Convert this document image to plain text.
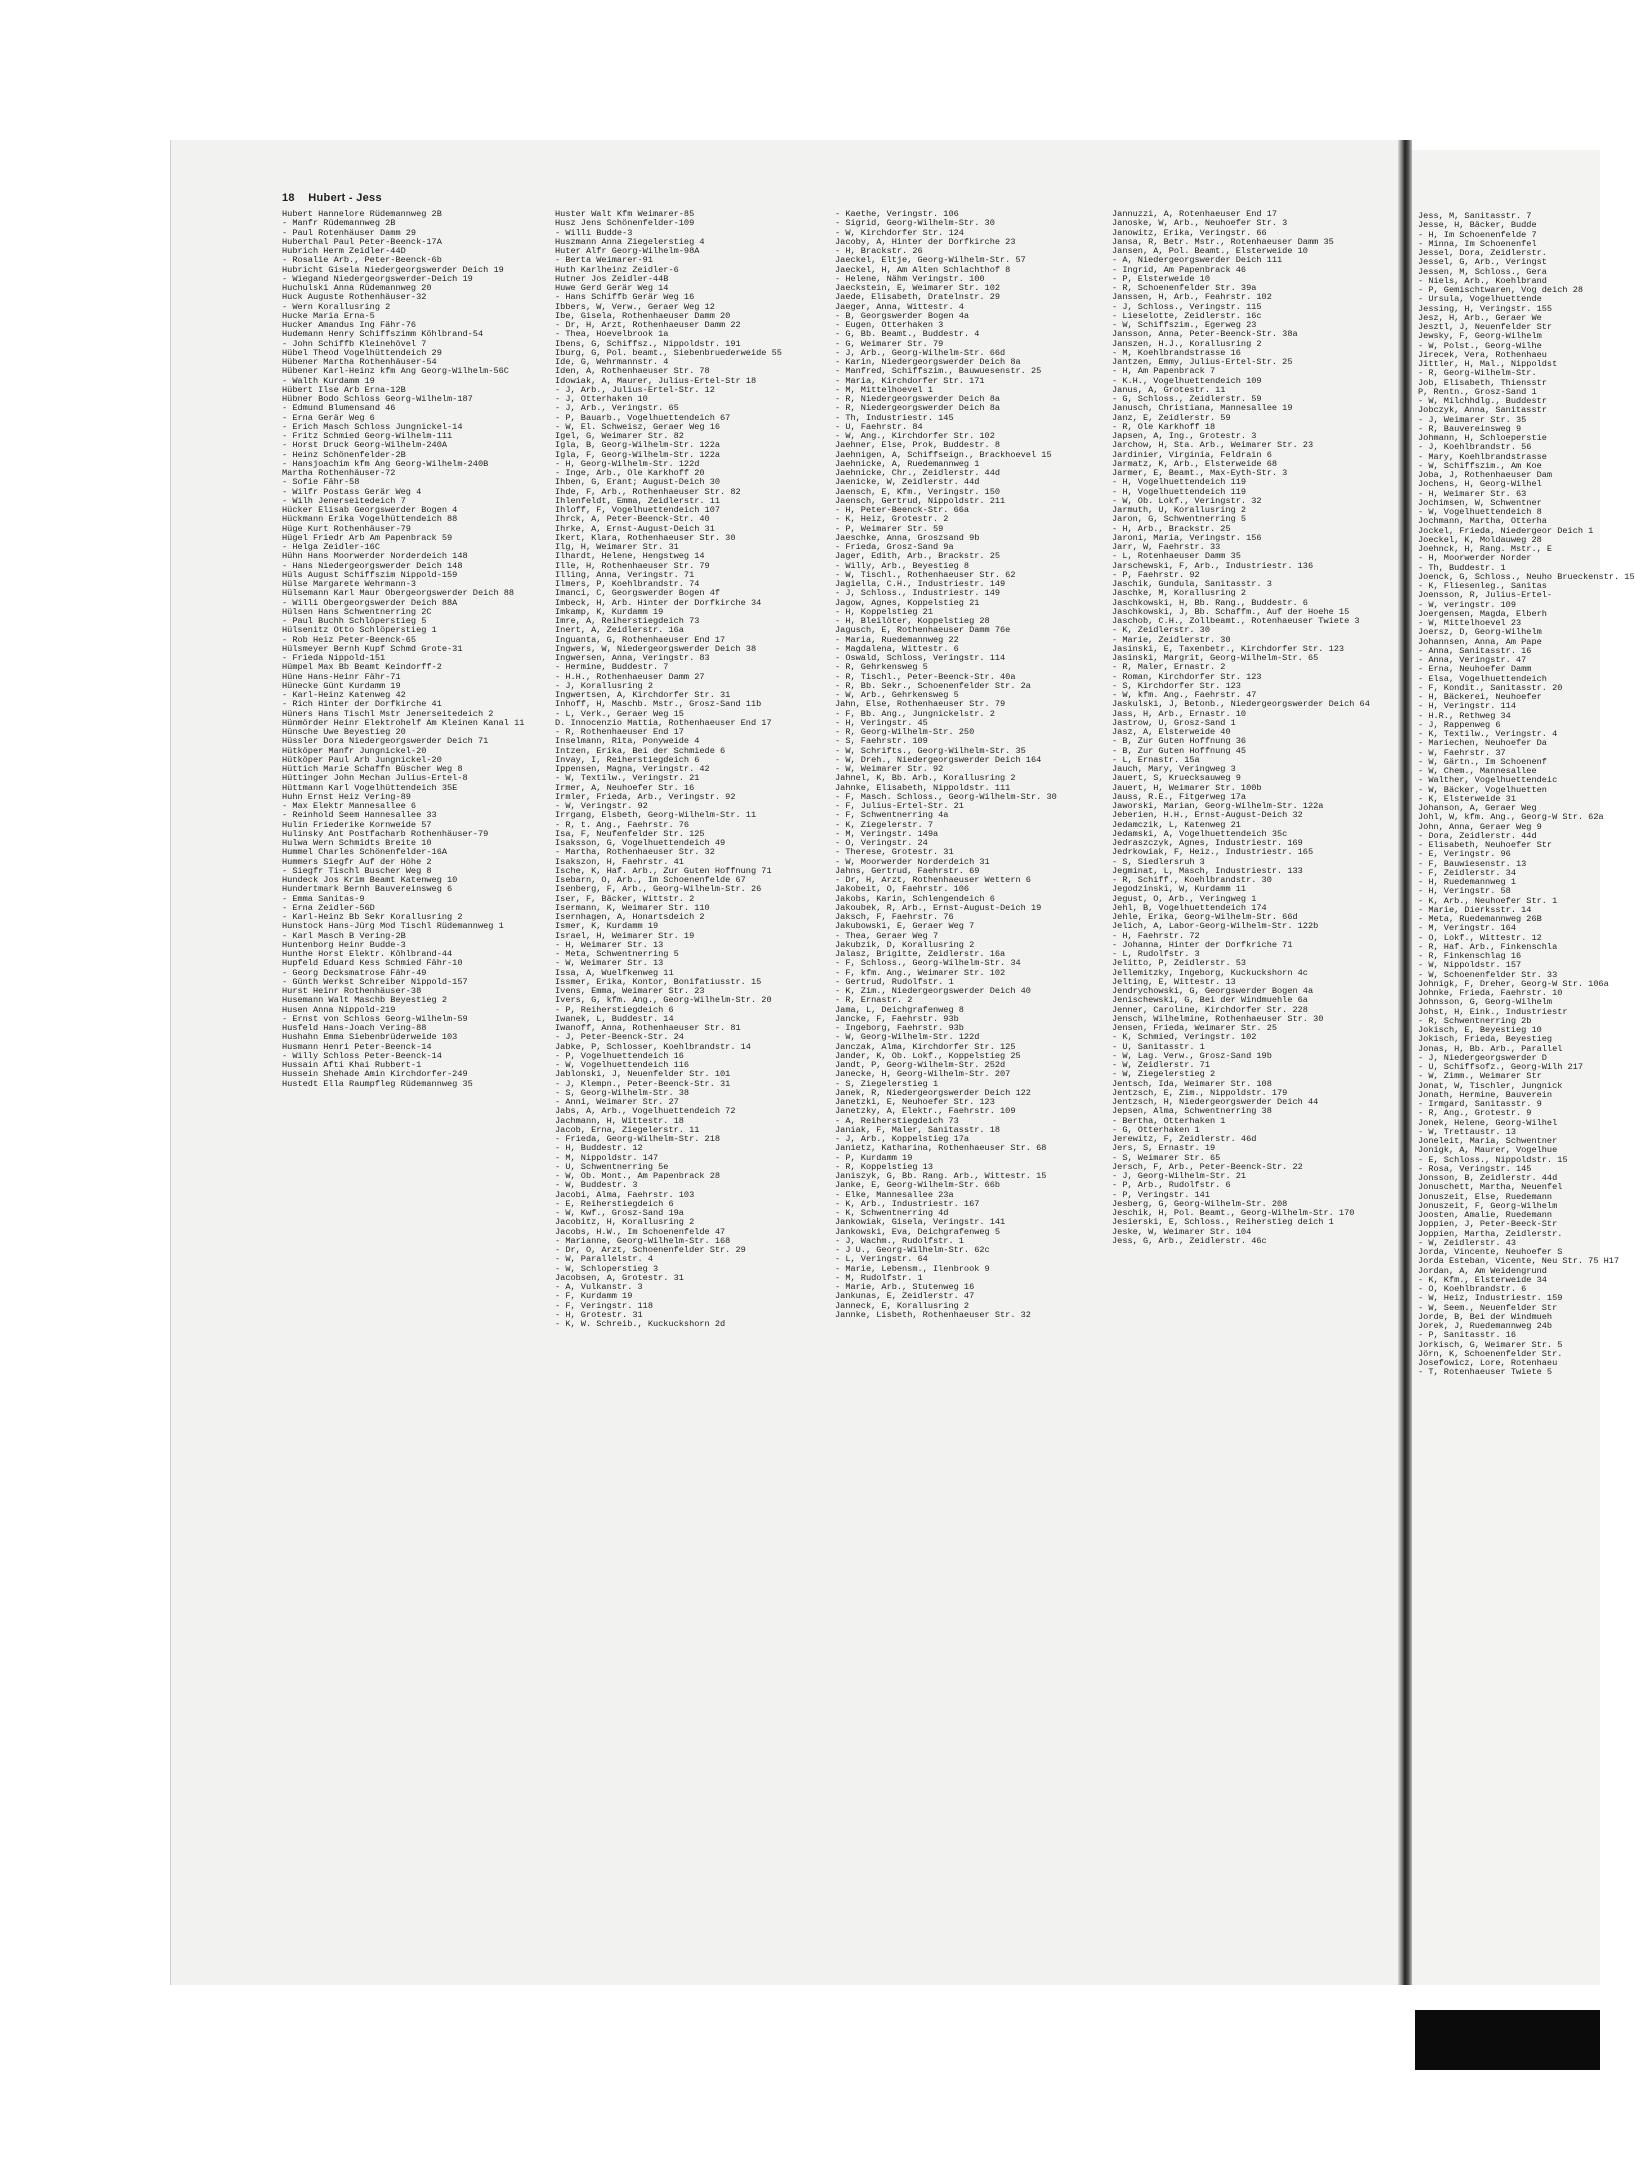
18 Hubert - Jess
Hubert Hannelore Rüdemannweg 2B
- Manfr Rüdemannweg 2B
- Paul Rotenhäuser Damm 29
Huberthal Paul Peter-Beenck-17A
Hubrich Herm Zeidler-44D
- Rosalie Arb., Peter-Beenck-6b
Hubricht Gisela Niedergeorgswerder Deich 19
- Wiegand Niedergeorgswerder-Deich 19
Huchulski Anna Rüdemannweg 20
Huck Auguste Rothenhäuser-32
- Wern Korallusring 2
Hucke Maria Erna-5
Hucker Amandus Ing Fähr-76
Hudemann Henry Schiffszimm Köhlbrand-54
- John Schiffb Kleinehövel 7
Hübel Theod Vogelhüttendeich 29
Hübener Martha Rothenhäuser-54
Hübener Karl-Heinz kfm Ang Georg-Wilhelm-56C
- Walth Kurdamm 19
Hübert Ilse Arb Erna-12B
Hübner Bodo Schloss Georg-Wilhelm-187
- Edmund Blumensand 46
- Erna Gerär Weg 6
- Erich Masch Schloss Jungnickel-14
- Fritz Schmied Georg-Wilhelm-111
- Horst Druck Georg-Wilhelm-240A
- Heinz Schönenfelder-2B
- Hansjoachim kfm Ang Georg-Wilhelm-240B
Martha Rothenhäuser-72
- Sofie Fähr-58
- Wilfr Postass Gerär Weg 4
- Wilh Jenerseitedeich 7
Hücker Elisab Georgswerder Bogen 4
Hückmann Erika Vogelhüttendeich 88
Hüge Kurt Rothenhäuser-79
Hügel Friedr Arb Am Papenbrack 59
- Helga Zeidler-16C
Hühn Hans Moorwerder Norderdeich 148
- Hans Niedergeorgswerder Deich 148
Hüls August Schiffszim Nippold-159
Hülse Margarete Wehrmann-3
Hülsemann Karl Maur Obergeorgswerder Deich 88
- Willi Obergeorgswerder Deich 88A
Hülsen Hans Schwentnerring 2C
- Paul Buchh Schlöperstieg 5
Hülsenitz Otto Schlöperstieg 1
- Rob Heiz Peter-Beenck-65
Hülsmeyer Bernh Kupf Schmd Grote-31
- Frieda Nippold-151
Hümpel Max Bb Beamt Keindorff-2
Hüne Hans-Heinr Fähr-71
Hünecke Günt Kurdamm 19
- Karl-Heinz Katenweg 42
- Rich Hinter der Dorfkirche 41
Hüners Hans Tischl Mstr Jenerseitedeich 2
Hünmörder Heinr Elektrohelf Am Kleinen Kanal 11
Hünsche Uwe Beyestieg 20
Hüssler Dora Niedergeorgswerder Deich 71
Hütköper Manfr Jungnickel-20
Hütköper Paul Arb Jungnickel-20
Hüttich Marie Schaffn Büscher Weg 8
Hüttinger John Mechan Julius-Ertel-8
Hüttmann Karl Vogelhüttendeich 35E
Huhn Ernst Heiz Vering-89
- Max Elektr Mannesallee 6
- Reinhold Seem Hannesallee 33
Hulin Friederike Kornweide 57
Hulinsky Ant Postfacharb Rothenhäuser-79
Hulwa Wern Schmidts Breite 10
Hummel Charles Schönenfelder-16A
Hummers Siegfr Auf der Höhe 2
- Siegfr Tischl Buscher Weg 8
Hundeck Jos Krim Beamt Katenweg 10
Hundertmark Bernh Bauvereinsweg 6
- Emma Sanitas-9
- Erna Zeidler-56D
- Karl-Heinz Bb Sekr Korallusring 2
Hunstock Hans-Jürg Mod Tischl Rüdemannweg 1
- Karl Masch B Vering-2B
Huntenborg Heinr Budde-3
Hunthe Horst Elektr. Köhlbrand-44
Hupfeld Eduard Kess Schmied Fähr-10
- Georg Decksmatrose Fähr-49
- Günth Werkst Schreiber Nippold-157
Hurst Heinr Rothenhäuser-38
Husemann Walt Maschb Beyestieg 2
Husen Anna Nippold-219
- Ernst von Schloss Georg-Wilhelm-59
Husfeld Hans-Joach Vering-88
Hushahn Emma Siebenbrüderweide 103
Husmann Henri Peter-Beenck-14
- Willy Schloss Peter-Beenck-14
Hussain Afti Khai Rubbert-1
Hussein Shehade Amin Kirchdorfer-249
Hustedt Ella Raumpfleg Rüdemannweg 35
Huster Walt Kfm Weimarer-85
Husz Jens Schönenfelder-109
- Willi Budde-3
Huszmann Anna Ziegelerstieg 4
Huter Alfr Georg-Wilhelm-98A
- Berta Weimarer-91
Huth Karlheinz Zeidler-6
Hutner Jos Zeidler-44B
Huwe Gerd Gerär Weg 14
- Hans Schiffb Gerär Weg 16
Ibbers, W, Verw., Geraer Weg 12
Ibe, Gisela, Rothenhaeuser Damm 20
- Dr, H, Arzt, Rothenhaeuser Damm 22
- Thea, Hoevelbrook 1a
Ibens, G, Schiffsz., Nippoldstr. 191
Iburg, G, Pol. beamt., Siebenbruederweide 55
Ide, G, Wehrmannstr. 4
Iden, A, Rothenhaeuser Str. 78
Idowiak, A, Maurer, Julius-Ertel-Str 18
- J, Arb., Julius-Ertel-Str. 12
- J, Otterhaken 10
- J, Arb., Veringstr. 65
- P, Bauarb., Vogelhuettendeich 67
- W, El. Schweisz, Geraer Weg 16
Igel, G, Weimarer Str. 82
Igla, B, Georg-Wilhelm-Str. 122a
Igla, F, Georg-Wilhelm-Str. 122a
- H, Georg-Wilhelm-Str. 122d
- Inge, Arb., Ole Karkhoff 20
Ihben, G, Erant; August-Deich 30
Ihde, F, Arb., Rothenhaeuser Str. 82
Ihlenfeldt, Emma, Zeidlerstr. 11
Ihloff, F, Vogelhuettendeich 107
Ihrck, A, Peter-Beenck-Str. 40
Ihrke, A, Ernst-August-Deich 31
Ikert, Klara, Rothenhaeuser Str. 30
Ilg, H, Weimarer Str. 31
Ilhardt, Helene, Hengstweg 14
Ille, H, Rothenhaeuser Str. 79
Illing, Anna, Veringstr. 71
Ilmers, P, Koehlbrandstr. 74
Imanci, C, Georgswerder Bogen 4f
Imbeck, H, Arb. Hinter der Dorfkirche 34
Imkamp, K, Kurdamm 19
Imre, A, Reiherstiegdeich 73
Inert, A, Zeidlerstr. 16a
Inguanta, G, Rothenhaeuser End 17
Ingwers, W, Niedergeorgswerder Deich 38
Ingwersen, Anna, Veringstr. 83
- Hermine, Buddestr. 7
- H.H., Rothenhaeuser Damm 27
- J, Korallusring 2
Ingwertsen, A, Kirchdorfer Str. 31
Inhoff, H, Maschb. Mstr., Grosz-Sand 11b
- L, Verk., Geraer Weg 15
D. Innocenzio Mattia, Rothenhaeuser End 17
- R, Rothenhaeuser End 17
Inselmann, Rita, Ponyweide 4
Intzen, Erika, Bei der Schmiede 6
Invay, I, Reiherstiegdeich 6
Ippensen, Magna, Veringstr. 42
- W, Textilw., Veringstr. 21
Irmer, A, Neuhoefer Str. 16
Irmler, Frieda, Arb., Veringstr. 92
- W, Veringstr. 92
Irrgang, Elsbeth, Georg-Wilhelm-Str. 11
- R, t. Ang., Faehrstr. 76
Isa, F, Neufenfelder Str. 125
Isaksson, G, Vogelhuettendeich 49
- Martha, Rothenhaeuser Str. 32
Isakszon, H, Faehrstr. 41
Ische, K, Haf. Arb., Zur Guten Hoffnung 71
Isebarn, O, Arb., Im Schoenenfelde 67
Isenberg, F, Arb., Georg-Wilhelm-Str. 26
Iser, F, Bäcker, Wittstr. 2
Isermann, K, Weimarer Str. 110
Isernhagen, A, Honartsdeich 2
Ismer, K, Kurdamm 19
Israel, H, Weimarer Str. 19
- H, Weimarer Str. 13
- Meta, Schwentnerring 5
- W, Weimarer Str. 13
Issa, A, Wuelfkenweg 11
Issmer, Erika, Kontor, Bonifatiusstr. 15
Ivens, Emma, Weimarer Str. 23
Ivers, G, kfm. Ang., Georg-Wilhelm-Str. 20
- P, Reiherstiegdeich 6
Iwanek, L, Buddestr. 14
Iwanoff, Anna, Rothenhaeuser Str. 81
- J, Peter-Beenck-Str. 24
Jabke, P, Schlosser, Koehlbrandstr. 14
- P, Vogelhuettendeich 16
- W, Vogelhuettendeich 116
Jablonski, J, Neuenfelder Str. 101
- J, Klempn., Peter-Beenck-Str. 31
- S, Georg-Wilhelm-Str. 38
- Anni, Weimarer Str. 27
Jabs, A, Arb., Vogelhuettendeich 72
Jachmann, H, Wittestr. 18
Jacob, Erna, Ziegelerstr. 11
- Frieda, Georg-Wilhelm-Str. 218
- H, Buddestr. 12
- M, Nippoldstr. 147
- U, Schwentnerring 5e
- W, Ob. Mont., Am Papenbrack 28
- W, Buddestr. 3
Jacobi, Alma, Faehrstr. 103
- E, Reiherstiegdeich 6
- W, Kwf., Grosz-Sand 19a
Jacobitz, H, Korallusring 2
Jacobs, H.W., Im Schoenenfelde 47
- Marianne, Georg-Wilhelm-Str. 168
- Dr, O, Arzt, Schoenenfelder Str. 29
- W, Parallelstr. 4
- W, Schloperstieg 3
Jacobsen, A, Grotestr. 31
- A, Vulkanstr. 3
- F, Kurdamm 19
- F, Veringstr. 118
- H, Grotestr. 31
- K, W. Schreib., Kuckuckshorn 2d
- Kaethe, Veringstr. 106
- Sigrid, Georg-Wilhelm-Str. 30
- W, Kirchdorfer Str. 124
Jacoby, A, Hinter der Dorfkirche 23
- H, Brackstr. 26
Jaeckel, Eltje, Georg-Wilhelm-Str. 57
Jaeckel, H, Am Alten Schlachthof 8
- Helene, Nähm Veringstr. 100
Jaeckstein, E, Weimarer Str. 102
Jaede, Elisabeth, Dratelnstr. 29
Jaeger, Anna, Wittestr. 4
- B, Georgswerder Bogen 4a
- Eugen, Otterhaken 3
- G, Bb. Beamt., Buddestr. 4
- G, Weimarer Str. 79
- J, Arb., Georg-Wilhelm-Str. 66d
- Karin, Niedergeorgswerder Deich 8a
- Manfred, Schiffszim., Bauwuesenstr. 25
- Maria, Kirchdorfer Str. 171
- M, Mittelhoevel 1
- R, Niedergeorgswerder Deich 8a
- R, Niedergeorgswerder Deich 8a
- Th, Industriestr. 145
- U, Faehrstr. 84
- W, Ang., Kirchdorfer Str. 102
Jaehner, Else, Prok, Buddestr. 8
Jaehnigen, A, Schiffseign., Brackhoevel 15
Jaehnicke, A, Ruedemannweg 1
Jaehnicke, Chr., Zeidlerstr. 44d
Jaenicke, W, Zeidlerstr. 44d
Jaensch, E, Kfm., Veringstr. 150
Jaensch, Gertrud, Nippoldstr. 211
- H, Peter-Beenck-Str. 66a
- K, Heiz, Grotestr. 2
- P, Weimarer Str. 59
Jaeschke, Anna, Groszsand 9b
- Frieda, Grosz-Sand 9a
Jager, Edith, Arb., Brackstr. 25
- Willy, Arb., Beyestieg 8
- W, Tischl., Rothenhaeuser Str. 62
Jagiella, C.H., Industriestr. 149
- J, Schloss., Industriestr. 149
Jagow, Agnes, Koppelstieg 21
- H, Koppelstieg 21
- H, Bleilöter, Koppelstieg 28
Jagusch, E, Rothenhaeuser Damm 76e
- Maria, Ruedemannweg 22
- Magdalena, Wittestr. 6
- Oswald, Schloss, Veringstr. 114
- R, Gehrkensweg 5
- R, Tischl., Peter-Beenck-Str. 40a
- R, Bb. Sekr., Schoenenfelder Str. 2a
- W, Arb., Gehrkensweg 5
Jahn, Else, Rothenhaeuser Str. 79
- F, Bb. Ang., Jungnickelstr. 2
- H, Veringstr. 45
- R, Georg-Wilhelm-Str. 250
- S, Faehrstr. 109
- W, Schrifts., Georg-Wilhelm-Str. 35
- W, Dreh., Niedergeorgswerder Deich 164
- W, Weimarer Str. 92
Jahnel, K, Bb. Arb., Korallusring 2
Jahnke, Elisabeth, Nippoldstr. 111
- F, Masch. Schloss., Georg-Wilhelm-Str. 30
- F, Julius-Ertel-Str. 21
- F, Schwentnerring 4a
- K, Ziegelerstr. 7
- M, Veringstr. 149a
- O, Veringstr. 24
- Therese, Grotestr. 31
- W, Moorwerder Norderdeich 31
Jahns, Gertrud, Faehrstr. 69
- Dr, H, Arzt, Rothenhaeuser Wettern 6
Jakobeit, O, Faehrstr. 106
Jakobs, Karin, Schlengendeich 6
Jakoubek, R, Arb., Ernst-August-Deich 19
Jaksch, F, Faehrstr. 76
Jakubowski, E, Geraer Weg 7
- Thea, Geraer Weg 7
Jakubzik, D, Korallusring 2
Jalasz, Brigitte, Zeidlerstr. 16a
- F, Schloss., Georg-Wilhelm-Str. 34
- F, kfm. Ang., Weimarer Str. 102
- Gertrud, Rudolfstr. 1
- K, Zim., Niedergeorgswerder Deich 40
- R, Ernastr. 2
Jama, L, Deichgrafenweg 8
Jancke, F, Faehrstr. 93b
- Ingeborg, Faehrstr. 93b
- W, Georg-Wilhelm-Str. 122d
Janczak, Alma, Kirchdorfer Str. 125
Jander, K, Ob. Lokf., Koppelstieg 25
Jandt, P, Georg-Wilhelm-Str. 252d
Janecke, H, Georg-Wilhelm-Str. 207
- S, Ziegelerstieg 1
Janek, R, Niedergeorgswerder Deich 122
Janetzki, E, Neuhoefer Str. 123
Janetzky, A, Elektr., Faehrstr. 109
- A, Reiherstiegdeich 73
Janiak, F, Maler, Sanitasstr. 18
- J, Arb., Koppelstieg 17a
Janietz, Katharina, Rothenhaeuser Str. 68
- P, Kurdamm 19
- R, Koppelstieg 13
Janiszyk, G, Bb. Rang. Arb., Wittestr. 15
Janke, E, Georg-Wilhelm-Str. 66b
- Elke, Mannesallee 23a
- K, Arb., Industriestr. 167
- K, Schwentnerring 4d
Jankowiak, Gisela, Veringstr. 141
Jankowski, Eva, Deichgrafenweg 5
- J, Wachm., Rudolfstr. 1
- J U., Georg-Wilhelm-Str. 62c
- L, Veringstr. 64
- Marie, Lebensm., Ilenbrook 9
- M, Rudolfstr. 1
- Marie, Arb., Stutenweg 16
Jankunas, E, Zeidlerstr. 47
Janneck, E, Korallusring 2
Jannke, Lisbeth, Rothenhaeuser Str. 32
Jannuzzi, A, Rotenhaeuser End 17
Janoske, W, Arb., Neuhoefer Str. 3
Janowitz, Erika, Veringstr. 66
Jansa, R, Betr. Mstr., Rotenhaeuser Damm 35
Jansen, A, Pol. Beamt., Elsterweide 10
- A, Niedergeorgswerder Deich 111
- Ingrid, Am Papenbrack 46
- P, Elsterweide 10
- R, Schoenenfelder Str. 39a
Janssen, H, Arb., Feahrstr. 102
- J, Schloss., Veringstr. 115
- Lieselotte, Zeidlerstr. 16c
- W, Schiffszim., Egerweg 23
Jansson, Anna, Peter-Beenck-Str. 38a
Janszen, H.J., Korallusring 2
- M, Koehlbrandstrasse 16
Jantzen, Emmy, Julius-Ertel-Str. 25
- H, Am Papenbrack 7
- K.H., Vogelhuettendeich 109
Janus, A, Grotestr. 11
- G, Schloss., Zeidlerstr. 59
Janusch, Christiana, Mannesallee 19
Janz, E, Zeidlerstr. 59
- R, Ole Karkhoff 18
Japsen, A, Ing., Grotestr. 3
Jarchow, H, Sta. Arb., Weimarer Str. 23
Jardinier, Virginia, Feldrain 6
Jarmatz, K, Arb., Elsterweide 68
Jarmer, E, Beamt., Max-Eyth-Str. 3
- H, Vogelhuettendeich 119
- H, Vogelhuettendeich 119
- W, Ob. Lokf., Veringstr. 32
Jarmuth, U, Korallusring 2
Jaron, G, Schwentnerring 5
- H, Arb., Brackstr. 25
Jaroni, Maria, Veringstr. 156
Jarr, W, Faehrstr. 33
- L, Rotenhaeuser Damm 35
Jarschewski, F, Arb., Industriestr. 136
- P, Faehrstr. 92
Jaschik, Gundula, Sanitasstr. 3
Jaschke, M, Korallusring 2
Jaschkowski, H, Bb. Rang., Buddestr. 6
Jaschkowski, J, Bb. Schaffm., Auf der Hoehe 15
Jaschob, C.H., Zollbeamt., Rotenhaeuser Twiete 3
- K, Zeidlerstr. 30
- Marie, Zeidlerstr. 30
Jasinski, E, Taxenbetr., Kirchdorfer Str. 123
Jasinski, Margrit, Georg-Wilhelm-Str. 65
- R, Maler, Ernastr. 2
- Roman, Kirchdorfer Str. 123
- S, Kirchdorfer Str. 123
- W, kfm. Ang., Faehrstr. 47
Jaskulski, J, Betonb., Niedergeorgswerder Deich 64
Jass, H, Arb., Ernastr. 10
Jastrow, U, Grosz-Sand 1
Jasz, A, Elsterweide 40
- B, Zur Guten Hoffnung 36
- B, Zur Guten Hoffnung 45
- L, Ernastr. 15a
Jauch, Mary, Veringweg 3
Jauert, S, Kruecksauweg 9
Jauert, H, Weimarer Str. 100b
Jauss, R.E., Fitgerweg 17a
Jaworski, Marian, Georg-Wilhelm-Str. 122a
Jeberien, H.H., Ernst-August-Deich 32
Jedamczik, L, Katenweg 21
Jedamski, A, Vogelhuettendeich 35c
Jedraszczyk, Agnes, Industriestr. 169
Jedrkowiak, F, Heiz., Industriestr. 165
- S, Siedlersruh 3
Jegminat, L, Masch, Industriestr. 133
- R, Schiff., Koehlbrandstr. 30
Jegodzinski, W, Kurdamm 11
Jegust, O, Arb., Veringweg 1
Jehl, B, Vogelhuettendeich 174
Jehle, Erika, Georg-Wilhelm-Str. 66d
Jelich, A, Labor-Georg-Wilhelm-Str. 122b
- H, Faehrstr. 72
- Johanna, Hinter der Dorfkriche 71
- L, Rudolfstr. 3
Jelitto, P, Zeidlerstr. 53
Jellemitzky, Ingeborg, Kuckuckshorn 4c
Jelting, E, Wittestr. 13
Jendrychowski, G, Georgswerder Bogen 4a
Jenischewski, G, Bei der Windmuehle 6a
Jenner, Caroline, Kirchdorfer Str. 228
Jensch, Wilhelmine, Rothenhaeuser Str. 30
Jensen, Frieda, Weimarer Str. 25
- K, Schmied, Veringstr. 102
- U, Sanitasstr. 1
- W, Lag. Verw., Grosz-Sand 19b
- W, Zeidlerstr. 71
- W, Ziegelerstieg 2
Jentsch, Ida, Weimarer Str. 108
Jentzsch, E, Zim., Nippoldstr. 179
Jentzsch, H, Niedergeorgswerder Deich 44
Jepsen, Alma, Schwentnerring 38
- Bertha, Otterhaken 1
- G, Otterhaken 1
Jerewitz, F, Zeidlerstr. 46d
Jers, S, Ernastr. 19
- S, Weimarer Str. 65
Jersch, F, Arb., Peter-Beenck-Str. 22
- J, Georg-Wilhelm-Str. 21
- P, Arb., Rudolfstr. 6
- P, Veringstr. 141
Jesberg, G, Georg-Wilhelm-Str. 208
Jeschik, H, Pol. Beamt., Georg-Wilhelm-Str. 170
Jesierski, E, Schloss., Reiherstieg deich 1
Jeske, W, Weimarer Str. 104
Jess, G, Arb., Zeidlerstr. 46c
Jess, M, Sanitasstr. 7
Jesse, H, Bäcker, Budde
- H, Im Schoenenfelde 7
- Minna, Im Schoenenfel
Jessel, Dora, Zeidlerstr.
Jessel, G, Arb., Veringst
Jessen, M, Schloss., Gera
- Niels, Arb., Koehlbrand
- P, Gemischtwaren, Vog deich 28
- Ursula, Vogelhuettende
Jessing, H, Veringstr. 155
Jesz, H, Arb., Geraer We
Jesztl, J, Neuenfelder Str
Jewsky, F, Georg-Wilhelm
- W, Polst., Georg-Wilhe
Jirecek, Vera, Rothenhaeu
Jittler, H, Mal., Nippoldst
- R, Georg-Wilhelm-Str.
Job, Elisabeth, Thiensstr
P, Rentn., Grosz-Sand 1
- W, Milchhdlg., Buddestr
Jobczyk, Anna, Sanitasstr
- J, Weimarer Str. 35
- R, Bauvereinsweg 9
Johmann, H, Schloeperstie
- J, Koehlbrandstr. 56
- Mary, Koehlbrandstrasse
- W, Schiffszim., Am Koe
Joba, J, Rothenhaeuser Dam
Jochens, H, Georg-Wilhel
- H, Weimarer Str. 63
Jochimsen, W, Schwentner
- W, Vogelhuettendeich 8
Jochmann, Martha, Otterha
Jockel, Frieda, Niedergeor Deich 1
Joeckel, K, Moldauweg 28
Joehnck, H, Rang. Mstr., E
- H, Moorwerder Norder
- Th, Buddestr. 1
Joenck, G, Schloss., Neuho Brueckenstr. 15
- K, Fliesenleg., Sanitas
Joensson, R, Julius-Ertel-
- W, veringstr. 109
Joergensen, Magda, Elberh
- W, Mittelhoevel 23
Joersz, D, Georg-Wilhelm
Johannsen, Anna, Am Pape
- Anna, Sanitasstr. 16
- Anna, Veringstr. 47
- Erna, Neuhoefer Damm
- Elsa, Vogelhuettendeich
- F, Kondit., Sanitasstr. 20
- H, Bäckerei, Neuhoefer
- H, Veringstr. 114
- H.R., Rethweg 34
- J, Rappenweg 6
- K, Textilw., Veringstr. 4
- Mariechen, Neuhoefer Da
- W, Faehrstr. 37
- W, Gärtn., Im Schoenenf
- W, Chem., Mannesallee
- Walther, Vogelhuettendeic
- W, Bäcker, Vogelhuetten
- K, Elsterweide 31
Johanson, A, Geraer Weg
Johl, W, kfm. Ang., Georg-W Str. 62a
John, Anna, Geraer Weg 9
- Dora, Zeidlerstr. 44d
- Elisabeth, Neuhoefer Str
- E, Veringstr. 96
- F, Bauwiesenstr. 13
- F, Zeidlerstr. 34
- H, Ruedemannweg 1
- H, Veringstr. 58
- K, Arb., Neuhoefer Str. 1
- Marie, Dierksstr. 14
- Meta, Ruedemannweg 26B
- M, Veringstr. 164
- O, Lokf., Wittestr. 12
- R, Haf. Arb., Finkenschla
- R, Finkenschlag 16
- W, Nippoldstr. 157
- W, Schoenenfelder Str. 33
Johnigk, F, Dreher, Georg-W Str. 106a
Johnke, Frieda, Faehrstr. 10
Johnsson, G, Georg-Wilhelm
Johst, H, Eink., Industriestr
- R, Schwentnerring 2b
Jokisch, E, Beyestieg 10
Jokisch, Frieda, Beyestieg
Jonas, H, Bb. Arb., Parallel
- J, Niedergeorgswerder D
- U, Schiffsofz., Georg-Wilh 217
- W, Zimm., Weimarer Str
Jonat, W, Tischler, Jungnick
Jonath, Hermine, Bauverein
- Irmgard, Sanitasstr. 9
- R, Ang., Grotestr. 9
Jonek, Helene, Georg-Wilhel
- W, Trettaustr. 13
Joneleit, Maria, Schwentner
Jonigk, A, Maurer, Vogelhue
- E, Schloss., Nippoldstr. 15
- Rosa, Veringstr. 145
Jonsson, B, Zeidlerstr. 44d
Jonuschett, Martha, Neuenfel
Jonuszeit, Else, Ruedemann
Jonuszeit, F, Georg-Wilhelm
Joosten, Amalie, Ruedemann
Joppien, J, Peter-Beeck-Str
Joppien, Martha, Zeidlerstr.
- W, Zeidlerstr. 43
Jorda, Vincente, Neuhoefer S
Jorda Esteban, Vicente, Neu Str. 75 H17
Jordan, A, Am Weidengrund
- K, Kfm., Elsterweide 34
- O, Koehlbrandstr. 6
- W, Heiz, Industriestr. 159
- W, Seem., Neuenfelder Str
Jorde, B, Bei der Windmueh
Jorek, J, Ruedemannweg 24b
- P, Sanitasstr. 16
Jorkisch, G, Weimarer Str. 5
Jörn, K, Schoenenfelder Str.
Josefowicz, Lore, Rotenhaeu
- T, Rotenhaeuser Twiete 5
